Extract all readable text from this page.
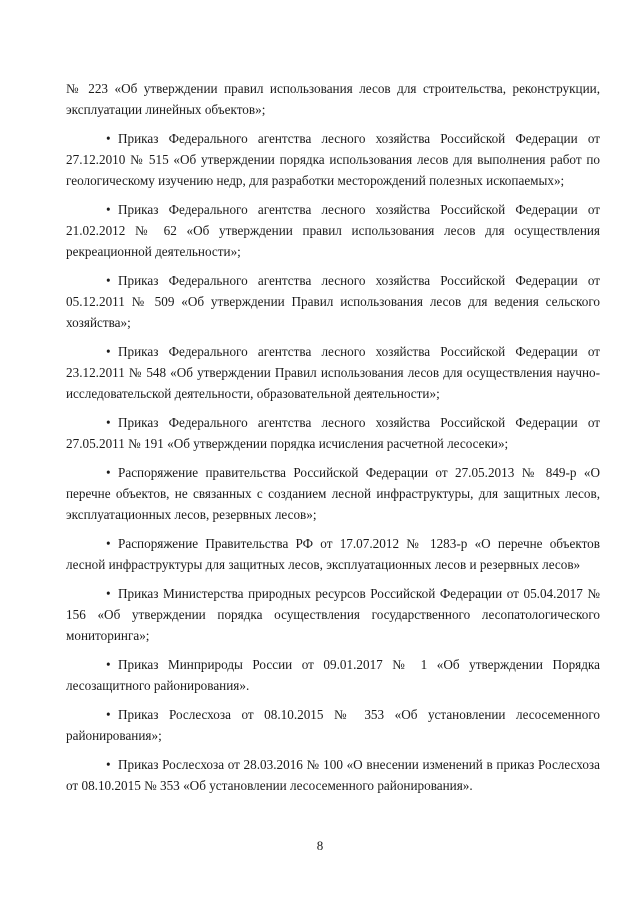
№ 223 «Об утверждении правил использования лесов для строительства, реконструкции, эксплуатации линейных объектов»;

• Приказ Федерального агентства лесного хозяйства Российской Федерации от 27.12.2010 № 515 «Об утверждении порядка использования лесов для выполнения работ по геологическому изучению недр, для разработки месторождений полезных ископаемых»;

• Приказ Федерального агентства лесного хозяйства Российской Федерации от 21.02.2012 № 62 «Об утверждении правил использования лесов для осуществления рекреационной деятельности»;

• Приказ Федерального агентства лесного хозяйства Российской Федерации от 05.12.2011 № 509 «Об утверждении Правил использования лесов для ведения сельского хозяйства»;

• Приказ Федерального агентства лесного хозяйства Российской Федерации от 23.12.2011 № 548 «Об утверждении Правил использования лесов для осуществления научно-исследовательской деятельности, образовательной деятельности»;

• Приказ Федерального агентства лесного хозяйства Российской Федерации от 27.05.2011 № 191 «Об утверждении порядка исчисления расчетной лесосеки»;

• Распоряжение правительства Российской Федерации от 27.05.2013 № 849-р «О перечне объектов, не связанных с созданием лесной инфраструктуры, для защитных лесов, эксплуатационных лесов, резервных лесов»;

• Распоряжение Правительства РФ от 17.07.2012 № 1283-р «О перечне объектов лесной инфраструктуры для защитных лесов, эксплуатационных лесов и резервных лесов»

• Приказ Министерства природных ресурсов Российской Федерации от 05.04.2017 № 156 «Об утверждении порядка осуществления государственного лесопатологического мониторинга»;

• Приказ Минприроды России от 09.01.2017 № 1 «Об утверждении Порядка лесозащитного районирования».

• Приказ Рослесхоза от 08.10.2015 № 353 «Об установлении лесосеменного районирования»;

• Приказ Рослесхоза от 28.03.2016 № 100 «О внесении изменений в приказ Рослесхоза от 08.10.2015 № 353 «Об установлении лесосеменного районирования».

8
